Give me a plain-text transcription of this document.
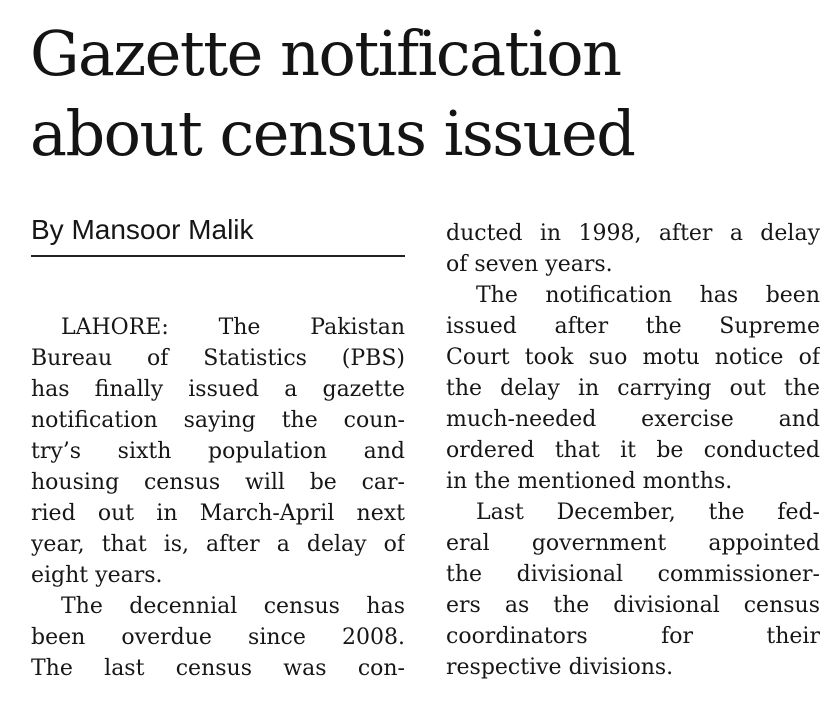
Gazette notification
about census issued
By Mansoor Malik
LAHORE: The Pakistan
Bureau of Statistics (PBS)
has finally issued a gazette
notification saying the coun-
try’s sixth population and
housing census will be car-
ried out in March-April next
year, that is, after a delay of
eight years.
The decennial census has
been overdue since 2008.
The last census was con-
ducted in 1998, after a delay
of seven years.
The notification has been
issued after the Supreme
Court took suo motu notice of
the delay in carrying out the
much-needed exercise and
ordered that it be conducted
in the mentioned months.
Last December, the fed-
eral government appointed
the divisional commissioner-
ers as the divisional census
coordinators for their
respective divisions.
